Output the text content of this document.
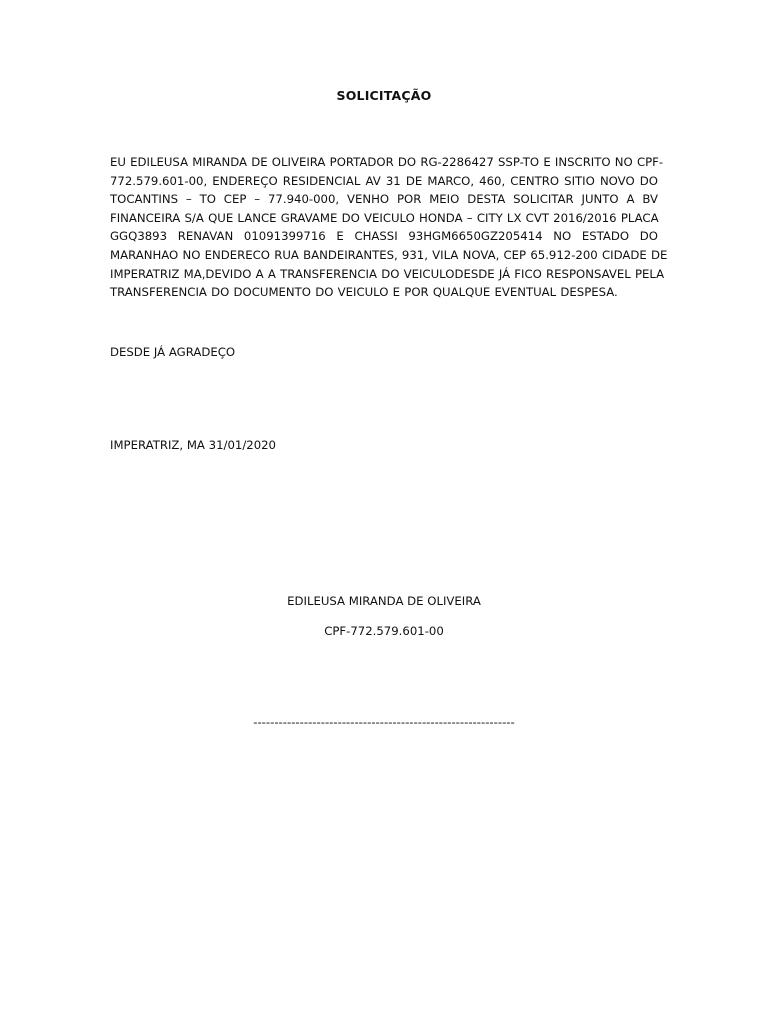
SOLICITAÇÃO
EU EDILEUSA MIRANDA DE OLIVEIRA PORTADOR DO RG-2286427 SSP-TO E INSCRITO NO CPF-
772.579.601-00, ENDEREÇO RESIDENCIAL AV 31 DE MARCO, 460, CENTRO SITIO NOVO DO
TOCANTINS – TO CEP – 77.940-000, VENHO POR MEIO DESTA SOLICITAR JUNTO A BV
FINANCEIRA S/A QUE LANCE GRAVAME DO VEICULO HONDA – CITY LX CVT 2016/2016 PLACA
GGQ3893 RENAVAN 01091399716 E CHASSI 93HGM6650GZ205414 NO ESTADO DO
MARANHAO NO ENDERECO RUA BANDEIRANTES, 931, VILA NOVA, CEP 65.912-200 CIDADE DE
IMPERATRIZ MA,DEVIDO A A TRANSFERENCIA DO VEICULODESDE JÁ FICO RESPONSAVEL PELA
TRANSFERENCIA DO DOCUMENTO DO VEICULO E POR QUALQUE EVENTUAL DESPESA.
DESDE JÁ AGRADEÇO
IMPERATRIZ, MA 31/01/2020
EDILEUSA MIRANDA DE OLIVEIRA
CPF-772.579.601-00
--------------------------------------------------------------
